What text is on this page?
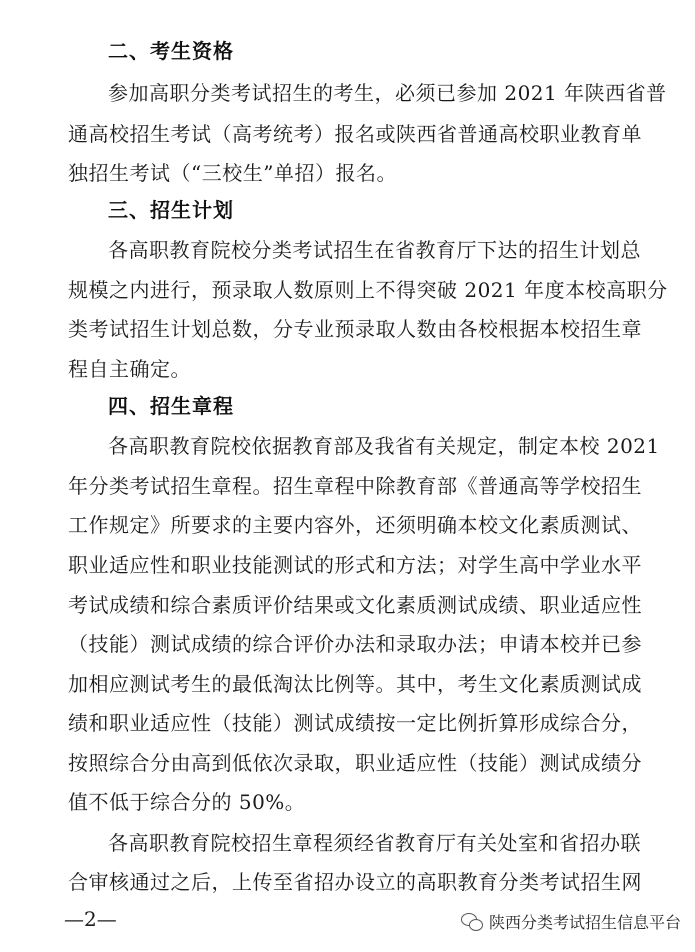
二、考生资格
参加高职分类考试招生的考生，必须已参加 2021 年陕西省普
通高校招生考试（高考统考）报名或陕西省普通高校职业教育单
独招生考试（“三校生”单招）报名。
三、招生计划
各高职教育院校分类考试招生在省教育厅下达的招生计划总
规模之内进行，预录取人数原则上不得突破 2021 年度本校高职分
类考试招生计划总数，分专业预录取人数由各校根据本校招生章
程自主确定。
四、招生章程
各高职教育院校依据教育部及我省有关规定，制定本校 2021
年分类考试招生章程。招生章程中除教育部《普通高等学校招生
工作规定》所要求的主要内容外，还须明确本校文化素质测试、
职业适应性和职业技能测试的形式和方法；对学生高中学业水平
考试成绩和综合素质评价结果或文化素质测试成绩、职业适应性
（技能）测试成绩的综合评价办法和录取办法；申请本校并已参
加相应测试考生的最低淘汰比例等。其中，考生文化素质测试成
绩和职业适应性（技能）测试成绩按一定比例折算形成综合分，
按照综合分由高到低依次录取，职业适应性（技能）测试成绩分
值不低于综合分的 50%。
各高职教育院校招生章程须经省教育厅有关处室和省招办联
合审核通过之后，上传至省招办设立的高职教育分类考试招生网
—2—	陕西分类考试招生信息平台
